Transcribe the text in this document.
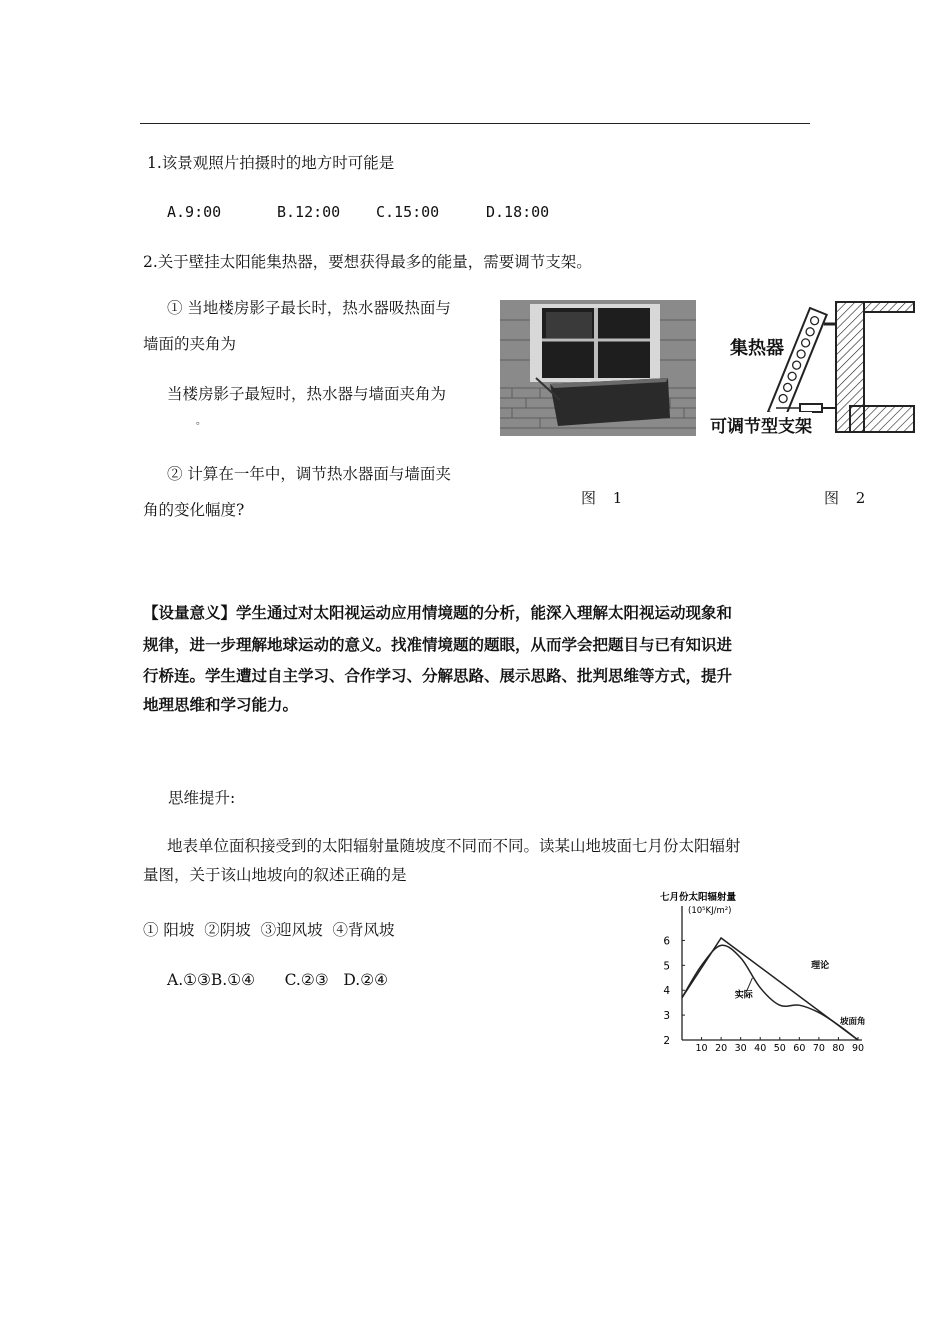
1.该景观照片拍摄时的地方时可能是
A.9:00	B.12:00 C.15:00	D.18:00
2.关于壁挂太阳能集热器，要想获得最多的能量，需要调节支架。
① 当地楼房影子最长时，热水器吸热面与
墙面的夹角为
当楼房影子最短时，热水器与墙面夹角为
。
② 计算在一年中，调节热水器面与墙面夹
角的变化幅度?
集热器
可调节型支架
图 1	图 2
【设量意义】学生通过对太阳视运动应用情境题的分析，能深入理解太阳视运动现象和
规律，进一步理解地球运动的意义。找准情境题的题眼，从而学会把题目与已有知识进
行桥连。学生遭过自主学习、合作学习、分解思路、展示思路、批判思维等方式，提升
地理思维和学习能力。
思维提升:
地表单位面积接受到的太阳辐射量随坡度不同而不同。读某山地坡面七月份太阳辐射
量图，关于该山地坡向的叙述正确的是
① 阳坡  ②阴坡  ③迎风坡  ④背风坡
A.①③B.①④      C.②③   D.②④
七月份太阳辐射量
(10⁵KJ/m²)
坡面角
10 20 30 40 50 60 70 80 90
2
3
4
5
6
理论
实际
